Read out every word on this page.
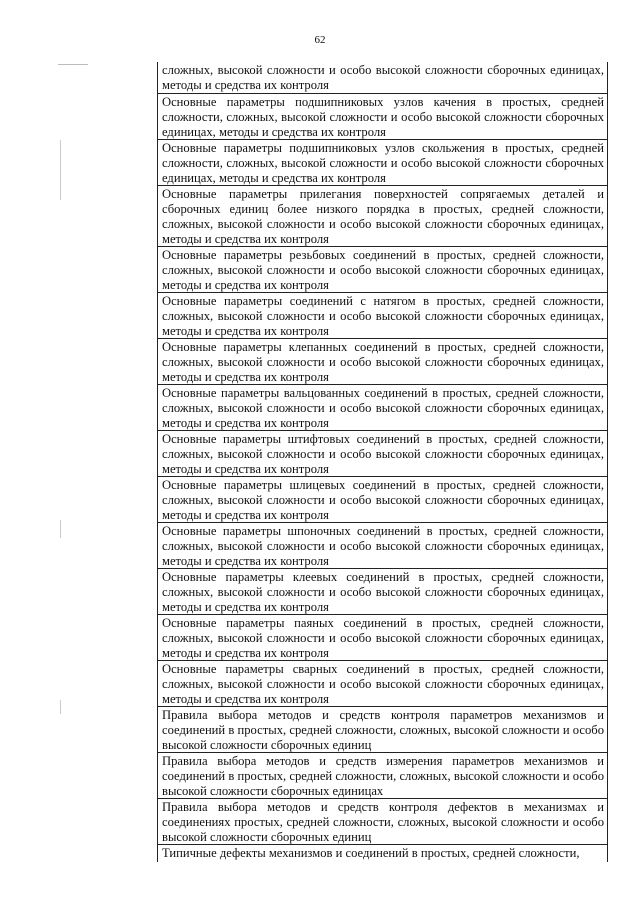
62
сложных, высокой сложности и особо высокой сложности сборочных единицах, методы и средства их контроля
Основные параметры подшипниковых узлов качения в простых, средней сложности, сложных, высокой сложности и особо высокой сложности сборочных единицах, методы и средства их контроля
Основные параметры подшипниковых узлов скольжения в простых, средней сложности, сложных, высокой сложности и особо высокой сложности сборочных единицах, методы и средства их контроля
Основные параметры прилегания поверхностей сопрягаемых деталей и сборочных единиц более низкого порядка в простых, средней сложности, сложных, высокой сложности и особо высокой сложности сборочных единицах, методы и средства их контроля
Основные параметры резьбовых соединений в простых, средней сложности, сложных, высокой сложности и особо высокой сложности сборочных единицах, методы и средства их контроля
Основные параметры соединений с натягом в простых, средней сложности, сложных, высокой сложности и особо высокой сложности сборочных единицах, методы и средства их контроля
Основные параметры клепанных соединений в простых, средней сложности, сложных, высокой сложности и особо высокой сложности сборочных единицах, методы и средства их контроля
Основные параметры вальцованных соединений в простых, средней сложности, сложных, высокой сложности и особо высокой сложности сборочных единицах, методы и средства их контроля
Основные параметры штифтовых соединений в простых, средней сложности, сложных, высокой сложности и особо высокой сложности сборочных единицах, методы и средства их контроля
Основные параметры шлицевых соединений в простых, средней сложности, сложных, высокой сложности и особо высокой сложности сборочных единицах, методы и средства их контроля
Основные параметры шпоночных соединений в простых, средней сложности, сложных, высокой сложности и особо высокой сложности сборочных единицах, методы и средства их контроля
Основные параметры клеевых соединений в простых, средней сложности, сложных, высокой сложности и особо высокой сложности сборочных единицах, методы и средства их контроля
Основные параметры паяных соединений в простых, средней сложности, сложных, высокой сложности и особо высокой сложности сборочных единицах, методы и средства их контроля
Основные параметры сварных соединений в простых, средней сложности, сложных, высокой сложности и особо высокой сложности сборочных единицах, методы и средства их контроля
Правила выбора методов и средств контроля параметров механизмов и соединений в простых, средней сложности, сложных, высокой сложности и особо высокой сложности сборочных единиц
Правила выбора методов и средств измерения параметров механизмов и соединений в простых, средней сложности, сложных, высокой сложности и особо высокой сложности сборочных единицах
Правила выбора методов и средств контроля дефектов в механизмах и соединениях простых, средней сложности, сложных, высокой сложности и особо высокой сложности сборочных единиц
Типичные дефекты механизмов и соединений в простых, средней сложности,
